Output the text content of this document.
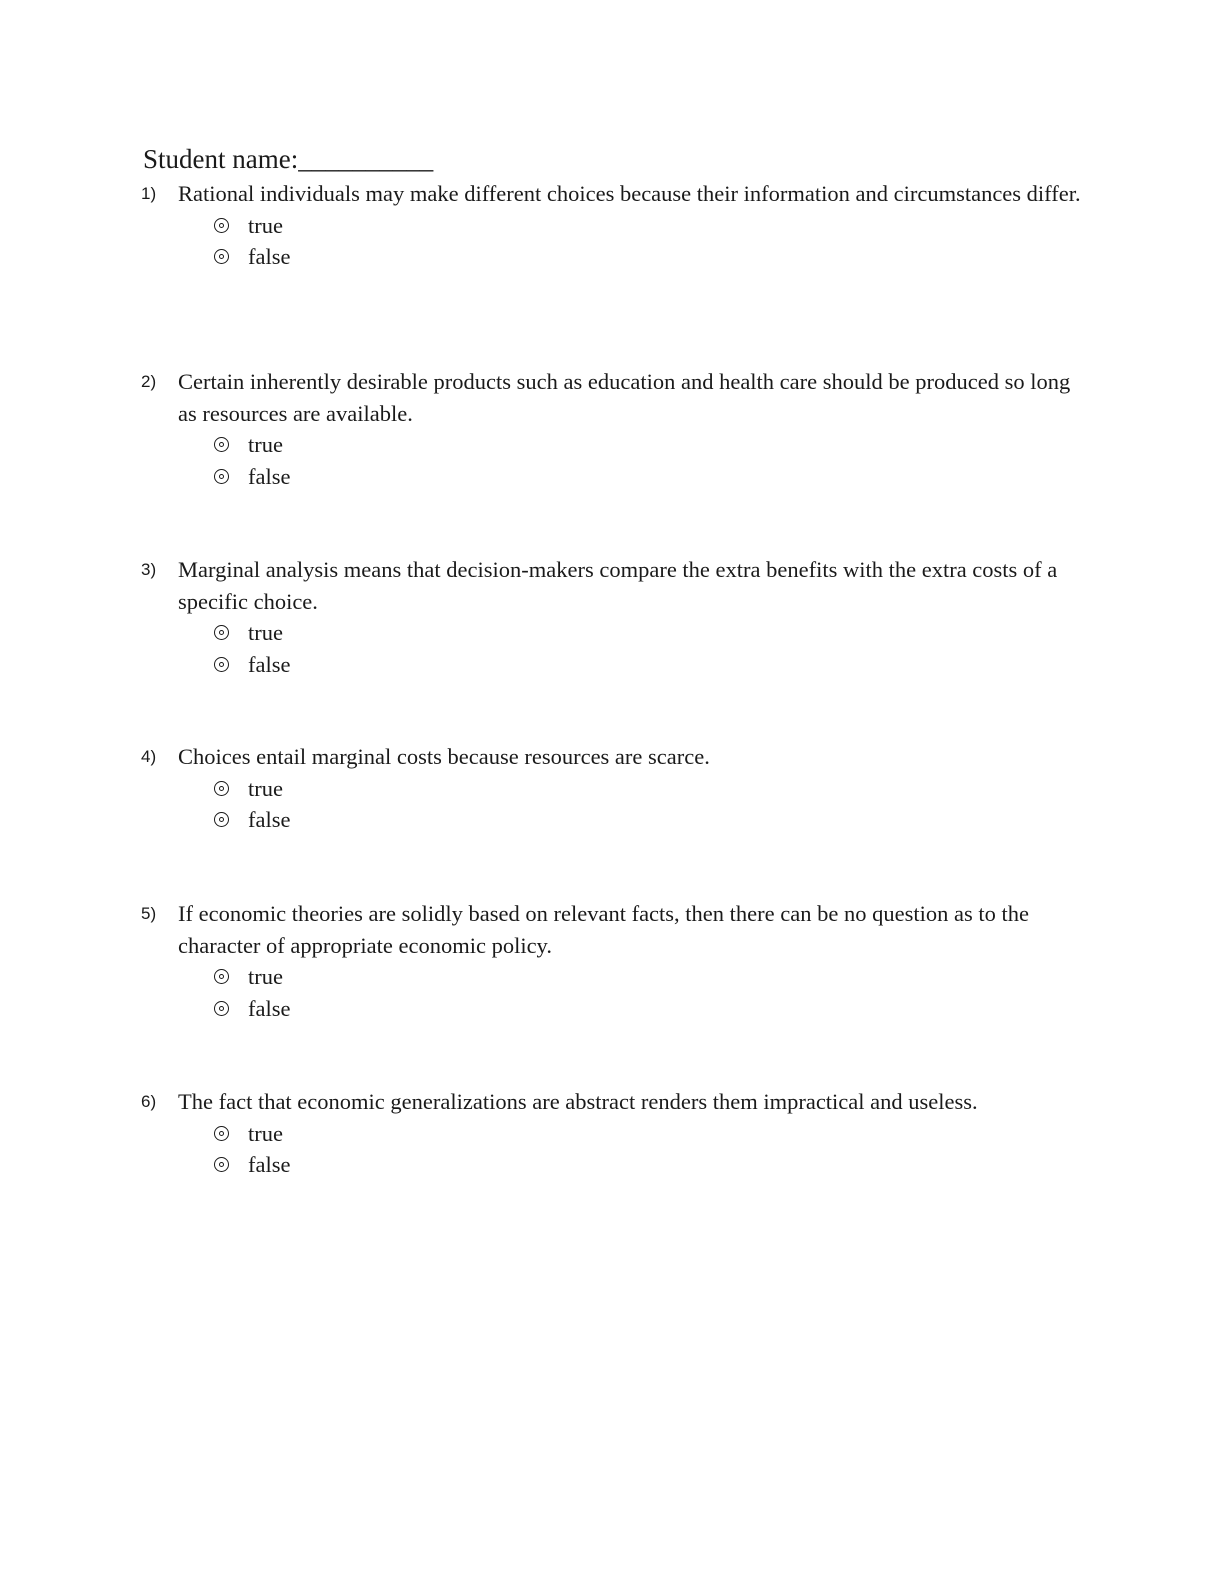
Student name:__________
1) Rational individuals may make different choices because their information and circumstances differ.
true
false
2) Certain inherently desirable products such as education and health care should be produced so long as resources are available.
true
false
3) Marginal analysis means that decision-makers compare the extra benefits with the extra costs of a specific choice.
true
false
4) Choices entail marginal costs because resources are scarce.
true
false
5) If economic theories are solidly based on relevant facts, then there can be no question as to the character of appropriate economic policy.
true
false
6) The fact that economic generalizations are abstract renders them impractical and useless.
true
false
